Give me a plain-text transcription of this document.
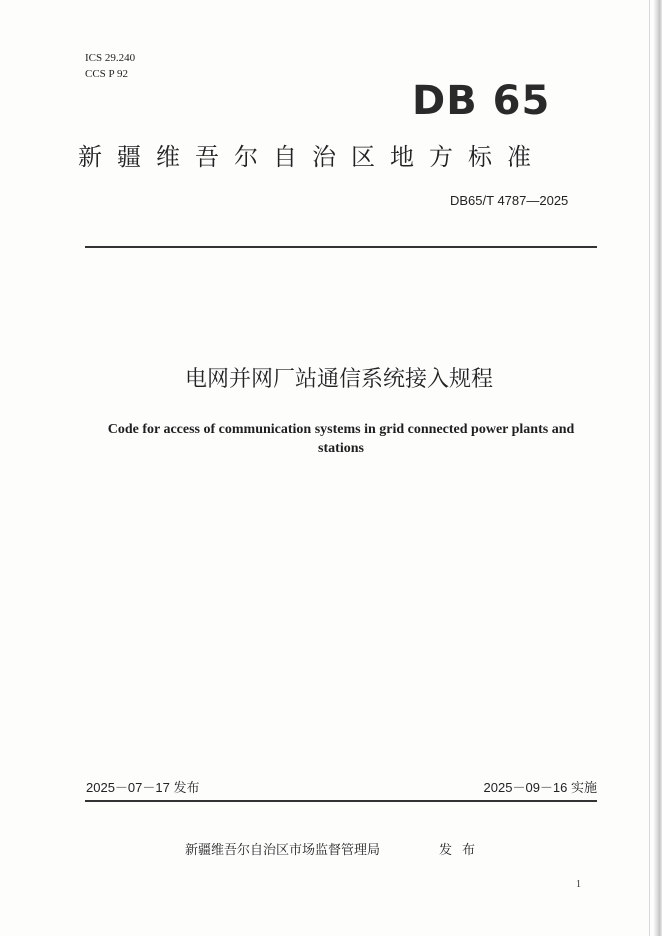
ICS 29.240
CCS P 92
DB 65
新疆维吾尔自治区地方标准
DB65/T 4787—2025
电网并网厂站通信系统接入规程
Code for access of communication systems in grid connected power plants and stations
2025－07－17 发布	2025－09－16 实施
新疆维吾尔自治区市场监督管理局	发布
1
